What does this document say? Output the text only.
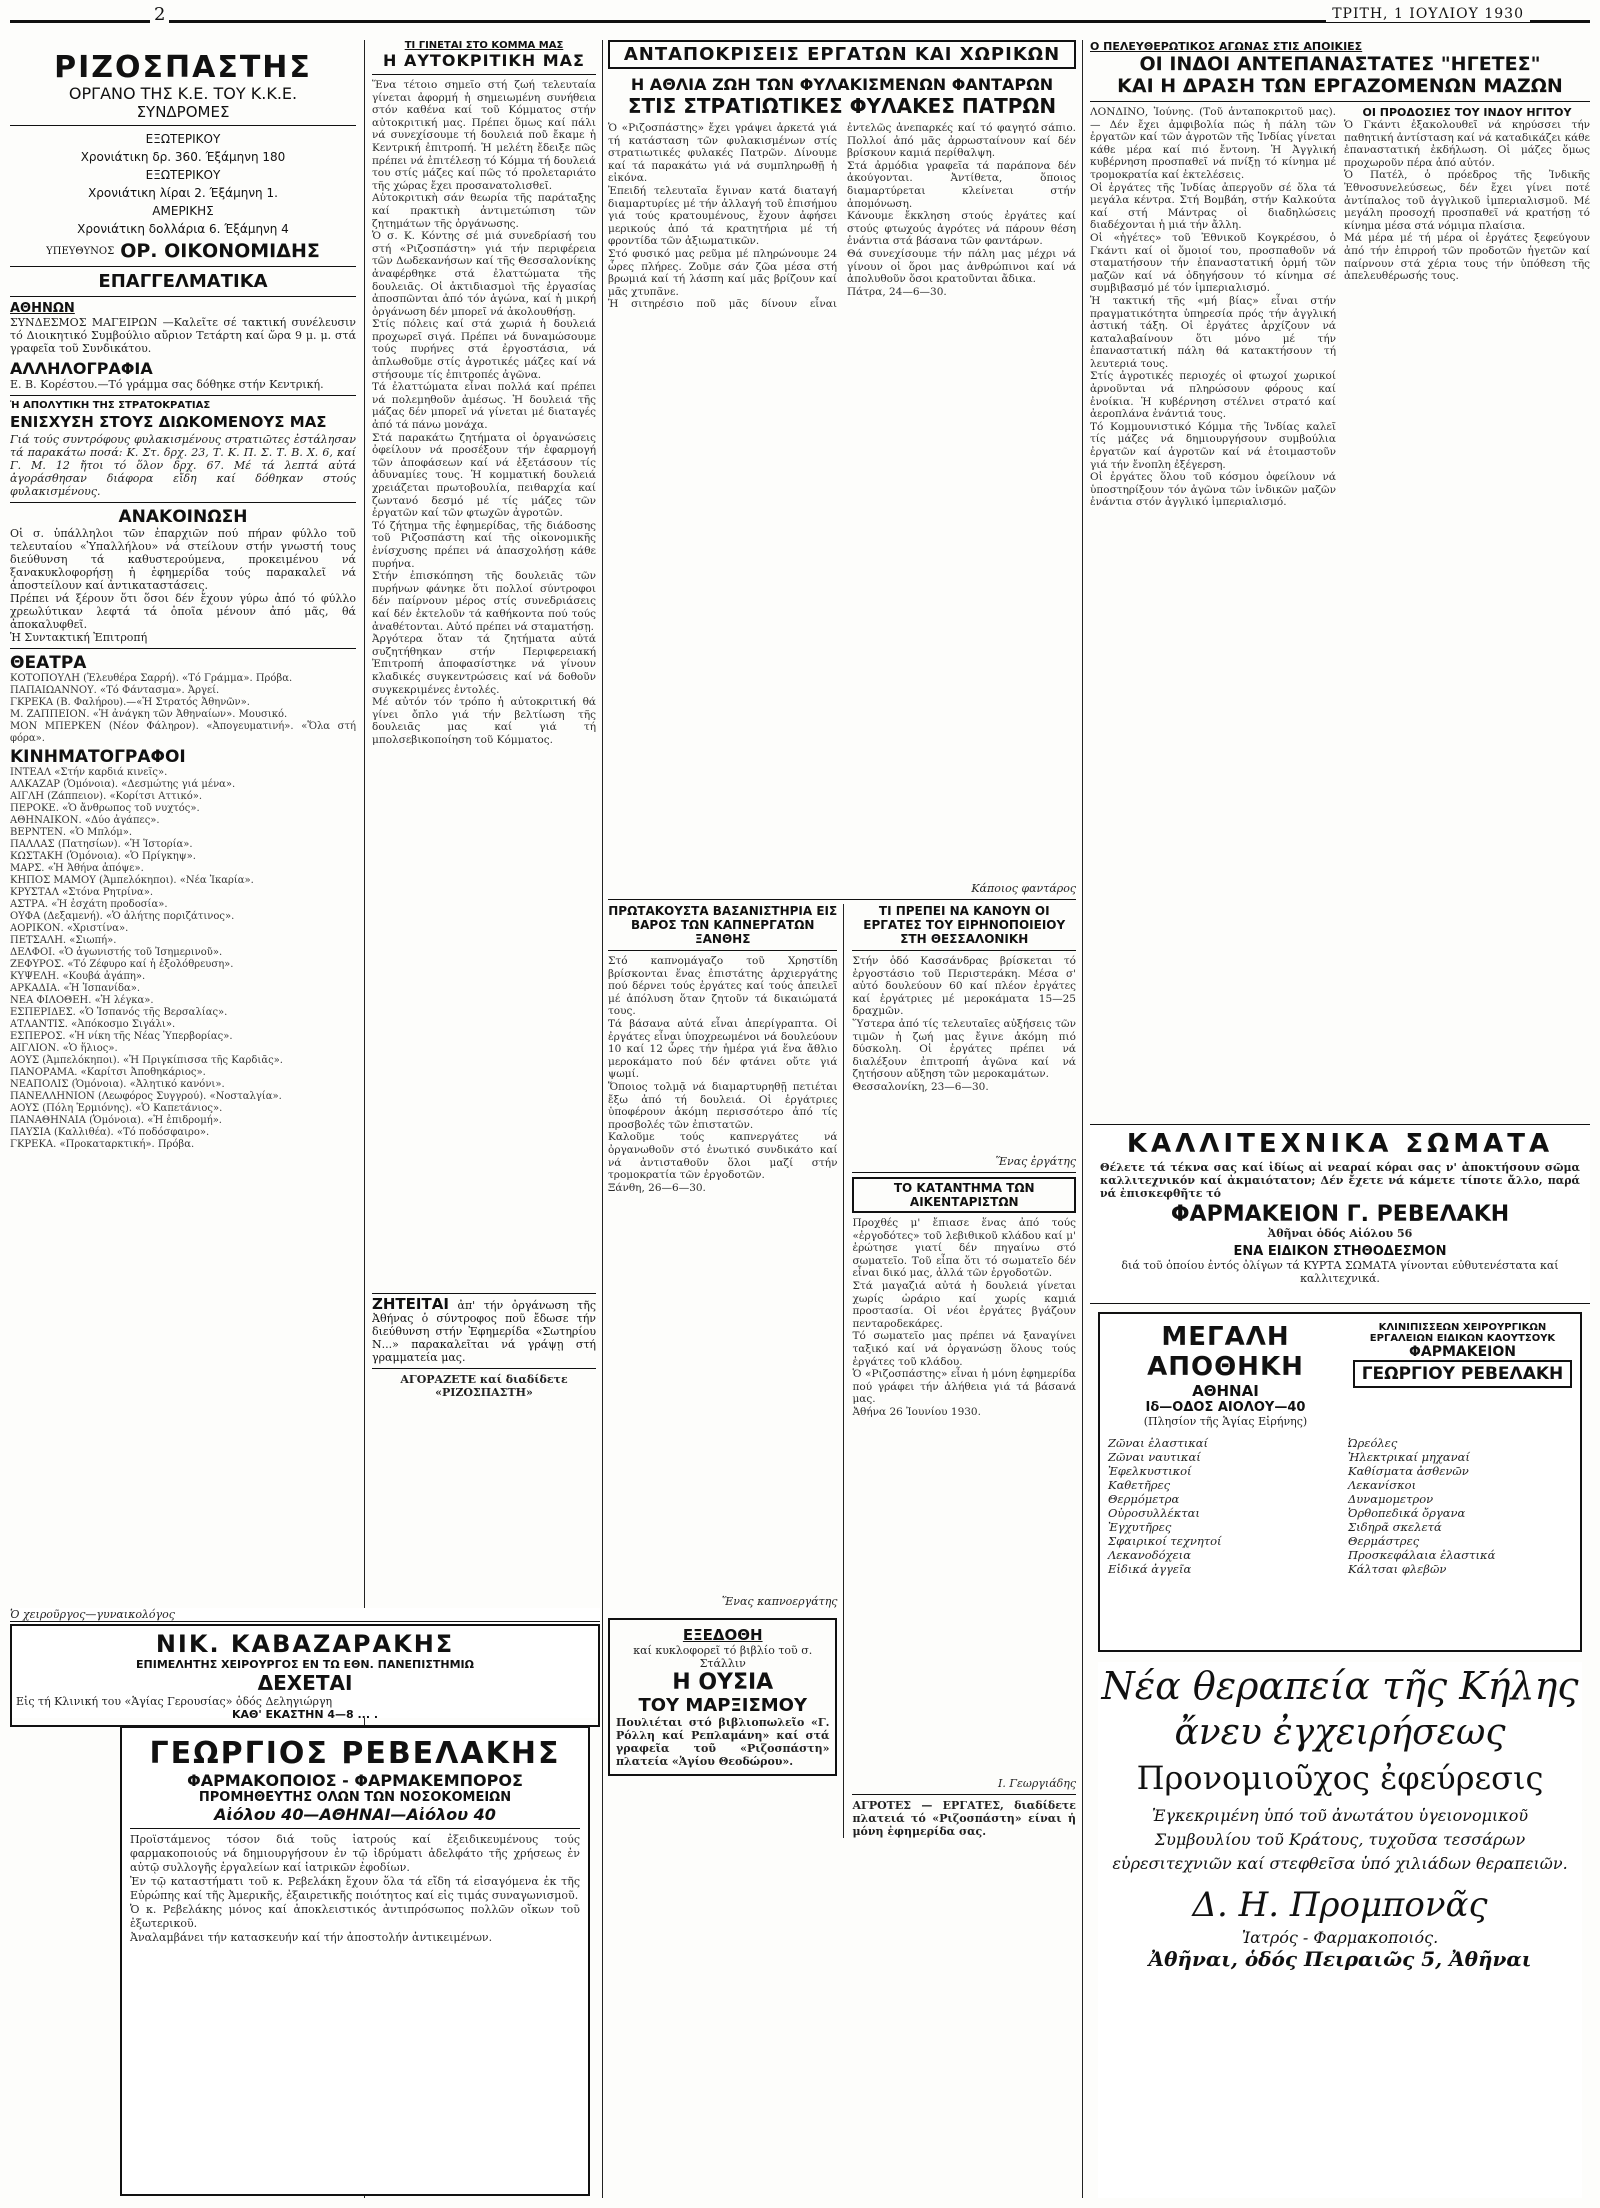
2	ΤΡΙΤΗ, 1 ΙΟΥΛΙΟΥ 1930
ΡΙΖΟΣΠΑΣΤΗΣ
ΟΡΓΑΝΟ ΤΗΣ Κ.Ε. ΤΟΥ Κ.Κ.Ε.
ΣΥΝΔΡΟΜΕΣ
ΕΞΩΤΕΡΙΚΟΥ
Χρονιάτικη δρ. 360. Έξάμηνη 180
ΕΞΩΤΕΡΙΚΟΥ
Χρονιάτικη λίραι 2. Έξάμηνη 1.
ΑΜΕΡΙΚΗΣ
Χρονιάτικη δολλάρια 6. Έξάμηνη 4
ΥΠΕΥΘΥΝΟΣ ΟΡ. ΟΙΚΟΝΟΜΙΔΗΣ
ΕΠΑΓΓΕΛΜΑΤΙΚΑ
ΑΘΗΝΩΝ
ΣΥΝΔΕΣΜΟΣ ΜΑΓΕΙΡΩΝ —Καλεῖτε σέ τακτική συνέλευσιν τό Διοικητικό Συμβούλιο αὔριον Τετάρτη καί ὥρα 9 μ. μ. στά γραφεῖα τοῦ Συνδικάτου.
ΑΛΛΗΛΟΓΡΑΦΙΑ
Ε. Β. Κορέστου.—Τό γράμμα σας δόθηκε στήν Κεντρική.
Ἡ ΑΠΟΛΥΤΙΚΗ ΤΗΣ ΣΤΡΑΤΟΚΡΑΤΙΑΣ
ΕΝΙΣΧΥΣΗ ΣΤΟΥΣ ΔΙΩΚΟΜΕΝΟΥΣ ΜΑΣ
Γιά τούς συντρόφους φυλακισμένους στρατιῶτες ἐστάλησαν τά παρακάτω ποσά: Κ. Στ. δρχ. 23, Τ. Κ. Π. Σ. Τ. Β. Χ. 6, καί Γ. Μ. 12 ἤτοι τό ὅλον δρχ. 67. Μέ τά λεπτά αὐτά ἀγοράσθησαν διάφορα εἴδη καί δόθηκαν στούς φυλακισμένους.
ΑΝΑΚΟΙΝΩΣΗ
Οἱ σ. ὑπάλληλοι τῶν ἐπαρχιῶν πού πήραν φύλλο τοῦ τελευταίου «Ὑπαλλήλου» νά στείλουν στήν γνωστή τους διεύθυνση τά καθυστερούμενα, προκειμένου νά ξανακυκλοφορήσῃ ἡ ἐφημερίδα τούς παρακαλεῖ νά ἀποστείλουν καί ἀντικαταστάσεις.
Πρέπει νά ξέρουν ὅτι ὅσοι δέν ἔχουν γύρω ἀπό τό φύλλο χρεωλύτικαν λεφτά τά ὁποῖα μένουν ἀπό μᾶς, θά ἀποκαλυφθεῖ.
Ἡ Συντακτική Ἐπιτροπή
ΘΕΑΤΡΑ
ΚΟΤΟΠΟΥΛΗ (Ἐλευθέρα Σαρρή). «Τό Γράμμα». Πρόβα.
ΠΑΠΑΙΩΑΝΝΟΥ. «Τό Φάντασμα». Ἀργεί.
ΓΚΡΕΚΑ (Β. Φαλήρου).—«Ἡ Στρατός Ἀθηνῶν».
Μ. ΖΑΠΠΕΙΟΝ. «Ἡ ἀνάγκη τῶν Ἀθηναίων». Μουσικό.
ΜΟΝ ΜΠΕΡΚΕΝ (Νέον Φάληρον). «Ἀπογευματινή». «Ὅλα στή φόρα».
ΚΙΝΗΜΑΤΟΓΡΑΦΟΙ
ΙΝΤΕΑΛ «Στήν καρδιά κινεῖς».
ΑΛΚΑΖΑΡ (Ὁμόνοια). «Δεσμώτης γιά μένα».
ΑΙΓΛΗ (Ζάππειον). «Κορίτσι Αττικό».
ΠΕΡΟΚΕ. «Ὁ ἄνθρωπος τοῦ νυχτός».
ΑΘΗΝΑΙΚΟΝ. «Δύο ἀγάπες».
ΒΕΡΝΤΕΝ. «Ὁ Μπλόμ».
ΠΑΛΛΑΣ (Πατησίων). «Ἡ Ἱστορία».
ΚΩΣΤΑΚΗ (Ὁμόνοια). «Ὁ Πρίγκηψ».
ΜΑΡΣ. «Ἡ Ἀθήνα ἀπόψε».
ΚΗΠΟΣ ΜΑΜΟΥ (Ἀμπελόκηποι). «Νέα Ἰκαρία».
ΚΡΥΣΤΑΛ «Στόνα Ρητρίνα».
ΑΣΤΡΑ. «Ἡ ἐσχάτη προδοσία».
ΟΥΦΑ (Δεξαμενή). «Ὁ ἀλήτης ποριζάτινος».
ΑΟΡΙΚΟΝ. «Χριστίνα».
ΠΕΤΣΑΛΗ. «Σιωπή».
ΔΕΛΦΟΙ. «Ὁ ἀγωνιστής τοῦ Ἰσημερινοῦ».
ΖΕΦΥΡΟΣ. «Τό Ζέφυρο καί ἡ ἐξολόθρευση».
ΚΥΨΕΛΗ. «Κουβά ἀγάπη».
ΑΡΚΑΔΙΑ. «Ἡ Ἰσπανίδα».
ΝΕΑ ΦΙΛΟΘΕΗ. «Ἡ λέγκα».
ΕΣΠΕΡΙΔΕΣ. «Ὁ Ἰσπανός τῆς Βερσαλίας».
ΑΤΛΑΝΤΙΣ. «Ἀπόκοσμο Σιγάλι».
ΕΣΠΕΡΟΣ. «Ἡ νίκη τῆς Νέας Ὑπερβορίας».
ΑΙΓΛΙΟΝ. «Ὁ ἥλιος».
ΑΟΥΣ (Ἀμπελόκηποι). «Ἡ Πριγκίπισσα τῆς Καρδιᾶς».
ΠΑΝΟΡΑΜΑ. «Καρίτσι Ἀποθηκάριος».
ΝΕΑΠΟΛΙΣ (Ὁμόνοια). «Ἀλητικό κανόνι».
ΠΑΝΕΛΛΗΝΙΟΝ (Λεωφόρος Συγγρού). «Νοσταλγία».
ΑΟΥΣ (Πόλη Ἐρμιόνης). «Ὁ Καπετάνιος».
ΠΑΝΑΘΗΝΑΙΑ (Ὁμόνοια). «Ἡ ἐπιδρομή».
ΠΑΥΣΙΑ (Καλλιθέα). «Τό ποδόσφαιρο».
ΓΚΡΕΚΑ. «Προκαταρκτική». Πρόβα.
ΤΙ ΓΙΝΕΤΑΙ ΣΤΟ ΚΟΜΜΑ ΜΑΣ
Η ΑΥΤΟΚΡΙΤΙΚΗ ΜΑΣ
Ἕνα τέτοιο σημεῖο στή ζωή τελευταία γίνεται ἀφορμή ἡ σημειωμένη συνήθεια στόν καθένα καί τοῦ Κόμματος στήν αὐτοκριτική μας. Πρέπει ὅμως καί πάλι νά συνεχίσουμε τή δουλειά ποῦ ἔκαμε ἡ Κεντρική ἐπιτροπή. Ἡ μελέτη ἔδειξε πῶς πρέπει νά ἐπιτέλεσῃ τό Κόμμα τή δουλειά του στίς μάζες καί πῶς τό προλεταριάτο τῆς χώρας ἔχει προσανατολισθεῖ.
Αὐτοκριτικὴ σάν θεωρία τῆς παράταξης καί πρακτικὴ ἀντιμετώπιση τῶν ζητημάτων τῆς ὀργάνωσης.
Ὁ σ. Κ. Κόντης σέ μιά συνεδρίασή του στή «Ριζοσπάστη» γιά τήν περιφέρεια τῶν Δωδεκανήσων καί τῆς Θεσσαλονίκης ἀναφέρθηκε στά ἐλαττώματα τῆς δουλειᾶς. Οἱ ἀκτιδιασμοὶ τῆς ἐργασίας ἀποσπῶνται ἀπό τόν ἀγώνα, καί ἡ μικρή ὀργάνωση δέν μπορεῖ νά ἀκολουθήσῃ.
Στίς πόλεις καί στά χωριά ἡ δουλειά προχωρεῖ σιγά. Πρέπει νά δυναμώσουμε τούς πυρήνες στά ἐργοστάσια, νά ἀπλωθοῦμε στίς ἀγροτικές μάζες καί νά στήσουμε τίς ἐπιτροπές ἀγῶνα.
Τά ἐλαττώματα εἶναι πολλά καί πρέπει νά πολεμηθοῦν ἀμέσως. Ἡ δουλειά τῆς μάζας δέν μπορεῖ νά γίνεται μέ διαταγές ἀπό τά πάνω μονάχα.
Στά παρακάτω ζητήματα οἱ ὀργανώσεις ὀφείλουν νά προσέξουν τήν ἐφαρμογή τῶν ἀποφάσεων καί νά ἐξετάσουν τίς ἀδυναμίες τους. Ἡ κομματική δουλειά χρειάζεται πρωτοβουλία, πειθαρχία καί ζωντανό δεσμό μέ τίς μάζες τῶν ἐργατῶν καί τῶν φτωχῶν ἀγροτῶν.
Τό ζήτημα τῆς ἐφημερίδας, τῆς διάδοσης τοῦ Ριζοσπάστη καί τῆς οἰκονομικῆς ἐνίσχυσης πρέπει νά ἀπασχολήσῃ κάθε πυρήνα.
Στήν ἐπισκόπηση τῆς δουλειᾶς τῶν πυρήνων φάνηκε ὅτι πολλοί σύντροφοι δέν παίρνουν μέρος στίς συνεδριάσεις καί δέν ἐκτελοῦν τά καθήκοντα πού τούς ἀναθέτονται. Αὐτό πρέπει νά σταματήσῃ.
Ἀργότερα ὅταν τά ζητήματα αὐτά συζητήθηκαν στήν Περιφερειακή Ἐπιτροπή ἀποφασίστηκε νά γίνουν κλαδικές συγκεντρώσεις καί νά δοθοῦν συγκεκριμένες ἐντολές.
Μέ αὐτόν τόν τρόπο ἡ αὐτοκριτική θά γίνει ὄπλο γιά τήν βελτίωση τῆς δουλειᾶς μας καί γιά τή μπολσεβικοποίηση τοῦ Κόμματος.
ΖΗΤΕΙΤΑΙ ἀπ' τήν ὀργάνωση τῆς Ἀθήνας ὁ σύντροφος ποῦ ἔδωσε τήν διεύθυνση στήν Ἐφημερίδα «Σωτηρίου Ν...» παρακαλεῖται νά γράψῃ στή γραμματεία μας.
ΑΓΟΡΑΖΕΤΕ καί διαδίδετε «ΡΙΖΟΣΠΑΣΤΗ»
ΑΝΤΑΠΟΚΡΙΣΕΙΣ ΕΡΓΑΤΩΝ ΚΑΙ ΧΩΡΙΚΩΝ
Η ΑΘΛΙΑ ΖΩΗ ΤΩΝ ΦΥΛΑΚΙΣΜΕΝΩΝ ΦΑΝΤΑΡΩΝ
ΣΤΙΣ ΣΤΡΑΤΙΩΤΙΚΕΣ ΦΥΛΑΚΕΣ ΠΑΤΡΩΝ
Ὁ «Ριζοσπάστης» ἔχει γράψει ἀρκετά γιά τή κατάσταση τῶν φυλακισμένων στίς στρατιωτικές φυλακές Πατρῶν. Δίνουμε καί τά παρακάτω γιά νά συμπληρωθῇ ἡ εἰκόνα.
Ἐπειδή τελευταῖα ἔγιναν κατά διαταγή διαμαρτυρίες μέ τήν ἀλλαγή τοῦ ἐπισήμου γιά τούς κρατουμένους, ἔχουν ἀφήσει μερικούς ἀπό τά κρατητήρια μέ τή φροντίδα τῶν ἀξιωματικῶν.
Στό φυσικό μας ρεῦμα μέ πληρώνουμε 24 ὧρες πλήρες. Ζοῦμε σάν ζῶα μέσα στή βρωμιά καί τή λάσπη καί μᾶς βρίζουν καί μᾶς χτυπᾶνε.
Ἡ σιτηρέσιο ποῦ μᾶς δίνουν εἶναι ἐντελῶς ἀνεπαρκές καί τό φαγητό σάπιο. Πολλοί ἀπό μᾶς ἀρρωσταίνουν καί δέν βρίσκουν καμιά περίθαλψη.
Στά ἀρμόδια γραφεῖα τά παράπονα δέν ἀκούγονται. Ἀντίθετα, ὅποιος διαμαρτύρεται κλείνεται στήν ἀπομόνωση.
Κάνουμε ἔκκληση στούς ἐργάτες καί στούς φτωχούς ἀγρότες νά πάρουν θέση ἐνάντια στά βάσανα τῶν φαντάρων.
Θά συνεχίσουμε τήν πάλη μας μέχρι νά γίνουν οἱ ὅροι μας ἀνθρώπινοι καί νά ἀπολυθοῦν ὅσοι κρατοῦνται ἄδικα.
Πάτρα, 24—6—30.
Κάποιος φαντάρος
ΠΡΩΤΑΚΟΥΣΤΑ ΒΑΣΑΝΙΣΤΗΡΙΑ ΕΙΣ ΒΑΡΟΣ ΤΩΝ ΚΑΠΝΕΡΓΑΤΩΝ ΞΑΝΘΗΣ
Στό καπνομάγαζο τοῦ Χρηστίδη βρίσκονται ἕνας ἐπιστάτης ἀρχιεργάτης πού δέρνει τούς ἐργάτες καί τούς ἀπειλεῖ μέ ἀπόλυση ὅταν ζητοῦν τά δικαιώματά τους.
Τά βάσανα αὐτά εἶναι ἀπερίγραπτα. Οἱ ἐργάτες εἶναι ὑποχρεωμένοι νά δουλεύουν 10 καί 12 ὧρες τήν ἡμέρα γιά ἕνα ἄθλιο μεροκάματο πού δέν φτάνει οὔτε γιά ψωμί.
Ὅποιος τολμᾷ νά διαμαρτυρηθῇ πετιέται ἔξω ἀπό τή δουλειά. Οἱ ἐργάτριες ὑποφέρουν ἀκόμη περισσότερο ἀπό τίς προσβολές τῶν ἐπιστατῶν.
Καλοῦμε τούς καπνεργάτες νά ὀργανωθοῦν στό ἑνωτικό συνδικάτο καί νά ἀντισταθοῦν ὅλοι μαζί στήν τρομοκρατία τῶν ἐργοδοτῶν.
Ξάνθη, 26—6—30.
Ἕνας καπνοεργάτης
ΕΞΕΔΟΘΗ
καί κυκλοφορεῖ τό βιβλίο τοῦ σ. Στάλλιν
Η ΟΥΣΙΑ
ΤΟΥ ΜΑΡΞΙΣΜΟΥ
Πουλιέται στό βιβλιοπωλεῖο «Γ. Ρόλλη καί Ρεπλαμάνη» καί στά γραφεῖα τοῦ «Ριζοσπάστη» πλατεία «Ἁγίου Θεοδώρου».
ΤΙ ΠΡΕΠΕΙ ΝΑ ΚΑΝΟΥΝ ΟΙ ΕΡΓΑΤΕΣ ΤΟΥ ΕΙΡΗΝΟΠΟΙΕΙΟΥ ΣΤΗ ΘΕΣΣΑΛΟΝΙΚΗ
Στήν ὁδό Κασσάνδρας βρίσκεται τό ἐργοστάσιο τοῦ Περιστεράκη. Μέσα σ' αὐτό δουλεύουν 60 καί πλέον ἐργάτες καί ἐργάτριες μέ μεροκάματα 15—25 δραχμῶν.
Ὕστερα ἀπό τίς τελευταῖες αὐξήσεις τῶν τιμῶν ἡ ζωή μας ἔγινε ἀκόμη πιό δύσκολη. Οἱ ἐργάτες πρέπει νά διαλέξουν ἐπιτροπή ἀγῶνα καί νά ζητήσουν αὔξηση τῶν μεροκαμάτων.
Θεσσαλονίκη, 23—6—30.
Ἕνας ἐργάτης
ΤΟ ΚΑΤΑΝΤΗΜΑ ΤΩΝ ΑΙΚΕΝΤΑΡΙΣΤΩΝ
Προχθές μ' ἔπιασε ἕνας ἀπό τούς «ἐργοδότες» τοῦ λεβιθικοῦ κλάδου καί μ' ἐρώτησε γιατί δέν πηγαίνω στό σωματεῖο. Τοῦ εἶπα ὅτι τό σωματεῖο δέν εἶναι δικό μας, ἀλλά τῶν ἐργοδοτῶν.
Στά μαγαζιά αὐτά ἡ δουλειά γίνεται χωρίς ὡράριο καί χωρίς καμιά προστασία. Οἱ νέοι ἐργάτες βγάζουν πενταροδεκάρες.
Τό σωματεῖο μας πρέπει νά ξαναγίνει ταξικό καί νά ὀργανώσῃ ὅλους τούς ἐργάτες τοῦ κλάδου.
Ὁ «Ριζοσπάστης» εἶναι ἡ μόνη ἐφημερίδα πού γράφει τήν ἀλήθεια γιά τά βάσανά μας.
Ἀθήνα 26 Ἰουνίου 1930.
Ι. Γεωργιάδης
ΑΓΡΟΤΕΣ — ΕΡΓΑΤΕΣ, διαδίδετε πλατειά τό «Ριζοσπάστη» είναι ἡ μόνη ἐφημερίδα σας.
Ο ΠΕΛΕΥΘΕΡΩΤΙΚΟΣ ΑΓΩΝΑΣ ΣΤΙΣ ΑΠΟΙΚΙΕΣ
ΟΙ ΙΝΔΟΙ ΑΝΤΕΠΑΝΑΣΤΑΤΕΣ "ΗΓΕΤΕΣ"
ΚΑΙ Η ΔΡΑΣΗ ΤΩΝ ΕΡΓΑΖΟΜΕΝΩΝ ΜΑΖΩΝ
ΛΟΝΔΙΝΟ, Ἰούνης. (Τοῦ ἀνταποκριτοῦ μας). — Δέν ἔχει ἀμφιβολία πώς ἡ πάλη τῶν ἐργατῶν καί τῶν ἀγροτῶν τῆς Ἰνδίας γίνεται κάθε μέρα καί πιό ἔντονη. Ἡ Ἀγγλική κυβέρνηση προσπαθεῖ νά πνίξῃ τό κίνημα μέ τρομοκρατία καί ἐκτελέσεις.
Οἱ ἐργάτες τῆς Ἰνδίας ἀπεργοῦν σέ ὅλα τά μεγάλα κέντρα. Στή Βομβάη, στήν Καλκούτα καί στή Μάντρας οἱ διαδηλώσεις διαδέχονται ἡ μιά τήν ἄλλη.
Οἱ «ἡγέτες» τοῦ Ἐθνικοῦ Κογκρέσου, ὁ Γκάντι καί οἱ ὅμοιοί του, προσπαθοῦν νά σταματήσουν τήν ἐπαναστατική ὁρμή τῶν μαζῶν καί νά ὁδηγήσουν τό κίνημα σέ συμβιβασμό μέ τόν ἰμπεριαλισμό.
Ἡ τακτική τῆς «μή βίας» εἶναι στήν πραγματικότητα ὑπηρεσία πρός τήν ἀγγλική ἀστική τάξη. Οἱ ἐργάτες ἀρχίζουν νά καταλαβαίνουν ὅτι μόνο μέ τήν ἐπαναστατική πάλη θά κατακτήσουν τή λευτεριά τους.
Στίς ἀγροτικές περιοχές οἱ φτωχοί χωρικοί ἀρνοῦνται νά πληρώσουν φόρους καί ἐνοίκια. Ἡ κυβέρνηση στέλνει στρατό καί ἀεροπλάνα ἐνάντιά τους.
Τό Κομμουνιστικό Κόμμα τῆς Ἰνδίας καλεῖ τίς μάζες νά δημιουργήσουν συμβούλια ἐργατῶν καί ἀγροτῶν καί νά ἑτοιμαστοῦν γιά τήν ἔνοπλη ἐξέγερση.
Οἱ ἐργάτες ὅλου τοῦ κόσμου ὀφείλουν νά ὑποστηρίξουν τόν ἀγῶνα τῶν ἰνδικῶν μαζῶν ἐνάντια στόν ἀγγλικό ἰμπεριαλισμό.
ΟΙ ΠΡΟΔΟΣΙΕΣ ΤΟΥ ΙΝΔΟΥ ΗΓΙΤΟΥ
Ὁ Γκάντι ἐξακολουθεῖ νά κηρύσσει τήν παθητική ἀντίσταση καί νά καταδικάζει κάθε ἐπαναστατική ἐκδήλωση. Οἱ μάζες ὅμως προχωροῦν πέρα ἀπό αὐτόν.
Ὁ Πατέλ, ὁ πρόεδρος τῆς Ἰνδικῆς Ἐθνοσυνελεύσεως, δέν ἔχει γίνει ποτέ ἀντίπαλος τοῦ ἀγγλικοῦ ἰμπεριαλισμοῦ. Μέ μεγάλη προσοχή προσπαθεῖ νά κρατήσῃ τό κίνημα μέσα στά νόμιμα πλαίσια.
Μά μέρα μέ τή μέρα οἱ ἐργάτες ξεφεύγουν ἀπό τήν ἐπιρροή τῶν προδοτῶν ἡγετῶν καί παίρνουν στά χέρια τους τήν ὑπόθεση τῆς ἀπελευθέρωσής τους.
Ὁ χειροῦργος—γυναικολόγος
ΝΙΚ. ΚΑΒΑΖΑΡΑΚΗΣ
ΕΠΙΜΕΛΗΤΗΣ ΧΕΙΡΟΥΡΓΟΣ ΕΝ ΤΩ ΕΘΝ. ΠΑΝΕΠΙΣΤΗΜΙΩ
ΔΕΧΕΤΑΙ
Εἰς τή Κλινική του «Ἁγίας Γερουσίας» ὁδός Δεληγιώργη
ΚΑΘ' ΕΚΑΣΤΗΝ 4—8 ... .
ΓΕΩΡΓΙΟΣ ΡΕΒΕΛΑΚΗΣ
ΦΑΡΜΑΚΟΠΟΙΟΣ - ΦΑΡΜΑΚΕΜΠΟΡΟΣ
ΠΡΟΜΗΘΕΥΤΗΣ ΟΛΩΝ ΤΩΝ ΝΟΣΟΚΟΜΕΙΩΝ
Αἰόλου 40—ΑΘΗΝΑΙ—Αἰόλου 40
Προϊστάμενος τόσον διά τοῦς ἰατρούς καί ἐξειδικευμένους τούς φαρμακοποιούς νά δημιουργήσουν ἐν τῷ ἰδρύματι ἀδελφάτο τῆς χρήσεως ἐν αὐτῷ συλλογῆς ἐργαλείων καί ἰατρικῶν ἐφοδίων.
Ἐν τῷ καταστήματι τοῦ κ. Ρεβελάκη ἔχουν ὅλα τά εἴδη τά εἰσαγόμενα ἐκ τῆς Εὐρώπης καί τῆς Ἀμερικῆς, ἐξαιρετικῆς ποιότητος καί εἰς τιμάς συναγωνισμοῦ.
Ὁ κ. Ρεβελάκης μόνος καί ἀποκλειστικός ἀντιπρόσωπος πολλῶν οἴκων τοῦ ἐξωτερικοῦ.
Ἀναλαμβάνει τήν κατασκευήν καί τήν ἀποστολήν ἀντικειμένων.
ΚΑΛΛΙΤΕΧΝΙΚΑ ΣΩΜΑΤΑ
Θέλετε τά τέκνα σας καί ἰδίως αἱ νεαραί κόραι σας ν' ἀποκτήσουν σῶμα καλλιτεχνικόν καί ἀκμαιότατον; Δέν ἔχετε νά κάμετε τίποτε ἄλλο, παρά νά ἐπισκεφθῆτε τό
ΦΑΡΜΑΚΕΙΟΝ Γ. ΡΕΒΕΛΑΚΗ
Ἀθῆναι ὁδός Αἰόλου 56
ΕΝΑ ΕΙΔΙΚΟΝ ΣΤΗΘΟΔΕΣΜΟΝ
διά τοῦ ὁποίου ἐντός ὀλίγων τά ΚΥΡΤΑ ΣΩΜΑΤΑ γίνονται εὐθυτενέστατα καί καλλιτεχνικά.
ΜΕΓΑΛΗ ΑΠΟΘΗΚΗ
ΑΘΗΝΑΙ
Ιδ—ΟΔΟΣ ΑΙΟΛΟΥ—40
(Πλησίον τῆς Ἁγίας Εἰρήνης)
ΚΛΙΝΙΠΙΣΣΕΩΝ ΧΕΙΡΟΥΡΓΙΚΩΝ ΕΡΓΑΛΕΙΩΝ ΕΙΔΙΚΩΝ ΚΑΟΥΤΣΟΥΚ
ΦΑΡΜΑΚΕΙΟΝ
ΓΕΩΡΓΙΟΥ ΡΕΒΕΛΑΚΗ
Ζῶναι ἐλαστικαί
Ζῶναι ναυτικαί
Ἐφελκυστικοί
Καθετῆρες
Θερμόμετρα
Οὐροσυλλέκται
Ἐγχυτῆρες
Σφαιρικοί τεχνητοί
Λεκανοδόχεια
Εἰδικά ἀγγεῖα
Ὠρεόλες
Ἡλεκτρικαί μηχαναί
Καθίσματα ἀσθενῶν
Λεκανίσκοι
Δυναμομετρον
Ὀρθοπεδικά ὄργανα
Σιδηρᾶ σκελετά
Θερμάστρες
Προσκεφάλαια ἐλαστικά
Κάλτσαι φλεβῶν
Νέα θεραπεία τῆς Κήλης
ἄνευ ἐγχειρήσεως
Προνομιοῦχος ἐφεύρεσις
Ἐγκεκριμένη ὑπό τοῦ ἀνωτάτου ὑγειονομικοῦ Συμβουλίου τοῦ Κράτους, τυχοῦσα τεσσάρων εὑρεσιτεχνιῶν καί στεφθεῖσα ὑπό χιλιάδων θεραπειῶν.
Δ. Η. Προμπονᾶς
Ἰατρός - Φαρμακοποιός.
Ἀθῆναι, ὁδός Πειραιῶς 5, Ἀθῆναι
